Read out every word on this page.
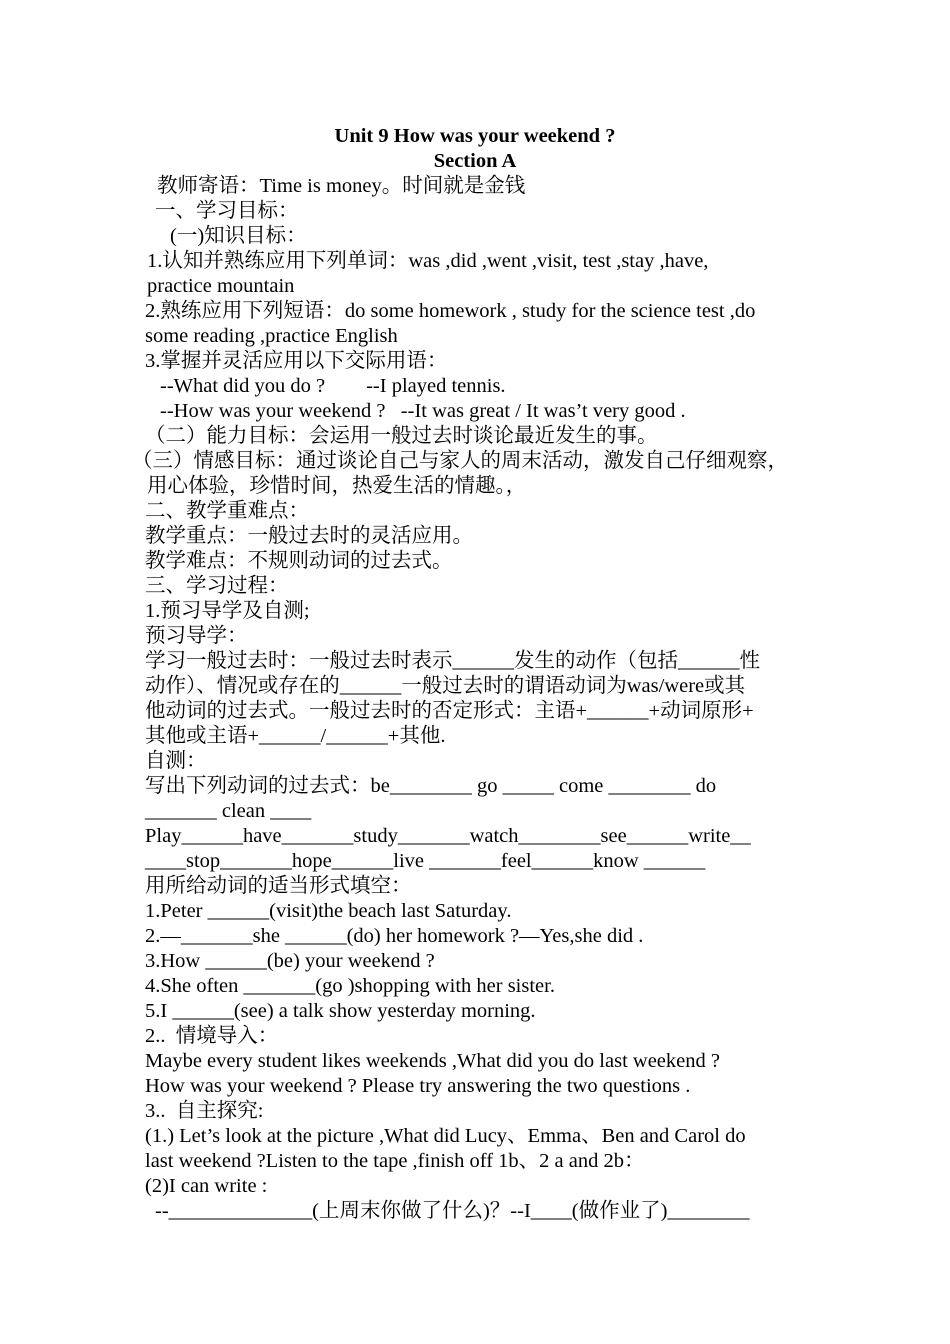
Unit 9 How was your weekend ?
Section A
教师寄语：Time is money。时间就是金钱
一、学习目标：
(一)知识目标：
1.认知并熟练应用下列单词：was ,did ,went ,visit, test ,stay ,have,
practice mountain
2.熟练应用下列短语：do some homework , study for the science test ,do
some reading ,practice English
3.掌握并灵活应用以下交际用语：
--What did you do ?        --I played tennis.
--How was your weekend ?   --It was great / It was’t very good .
（二）能力目标：会运用一般过去时谈论最近发生的事。
（三）情感目标：通过谈论自己与家人的周末活动，激发自己仔细观察，
用心体验，珍惜时间，热爱生活的情趣。，
二、教学重难点：
教学重点：一般过去时的灵活应用。
教学难点：不规则动词的过去式。
三、学习过程：
1.预习导学及自测;
预习导学：
学习一般过去时：一般过去时表示______发生的动作（包括______性
动作）、情况或存在的______一般过去时的谓语动词为was/were或其
他动词的过去式。一般过去时的否定形式：主语+______+动词原形+
其他或主语+______/______+其他.
自测：
写出下列动词的过去式：be________ go _____ come ________ do
_______ clean ____
Play______have_______study_______watch________see______write__
____stop_______hope______live _______feel______know ______
用所给动词的适当形式填空：
1.Peter ______(visit)the beach last Saturday.
2.—_______she ______(do) her homework ?—Yes,she did .
3.How ______(be) your weekend ?
4.She often _______(go )shopping with her sister.
5.I ______(see) a talk show yesterday morning.
2..  情境导入：
Maybe every student likes weekends ,What did you do last weekend ?
How was your weekend ? Please try answering the two questions .
3..  自主探究:
(1.) Let’s look at the picture ,What did Lucy、Emma、Ben and Carol do
last weekend ?Listen to the tape ,finish off 1b、2 a and 2b：
(2)I can write :
--______________(上周末你做了什么)？--I____(做作业了)________
